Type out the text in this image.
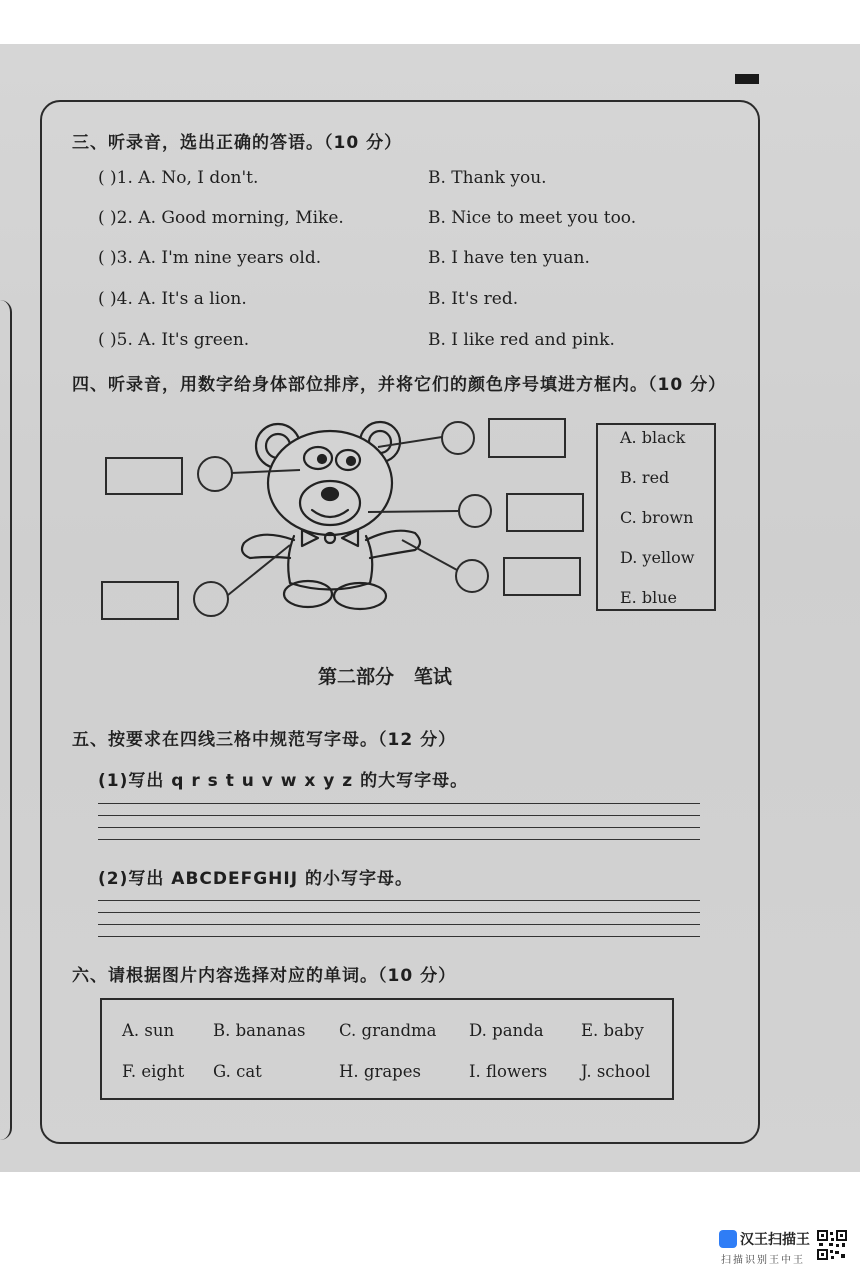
三、听录音，选出正确的答语。（10 分）
( )1. A. No, I don't.	B. Thank you.
( )2. A. Good morning, Mike.	B. Nice to meet you too.
( )3. A. I'm nine years old.	B. I have ten yuan.
( )4. A. It's a lion.	B. It's red.
( )5. A. It's green.	B. I like red and pink.
四、听录音，用数字给身体部位排序，并将它们的颜色序号填进方框内。（10 分）
A. black
B. red
C. brown
D. yellow
E. blue
第二部分   笔试
五、按要求在四线三格中规范写字母。（12 分）
(1)写出 q r s t u v w x y z 的大写字母。
(2)写出 ABCDEFGHIJ 的小写字母。
六、请根据图片内容选择对应的单词。（10 分）
A. sun B. bananas C. grandma D. panda E. baby
F. eight G. cat	H. grapes	I. flowers J. school
汉王扫描王
扫描识别王中王
